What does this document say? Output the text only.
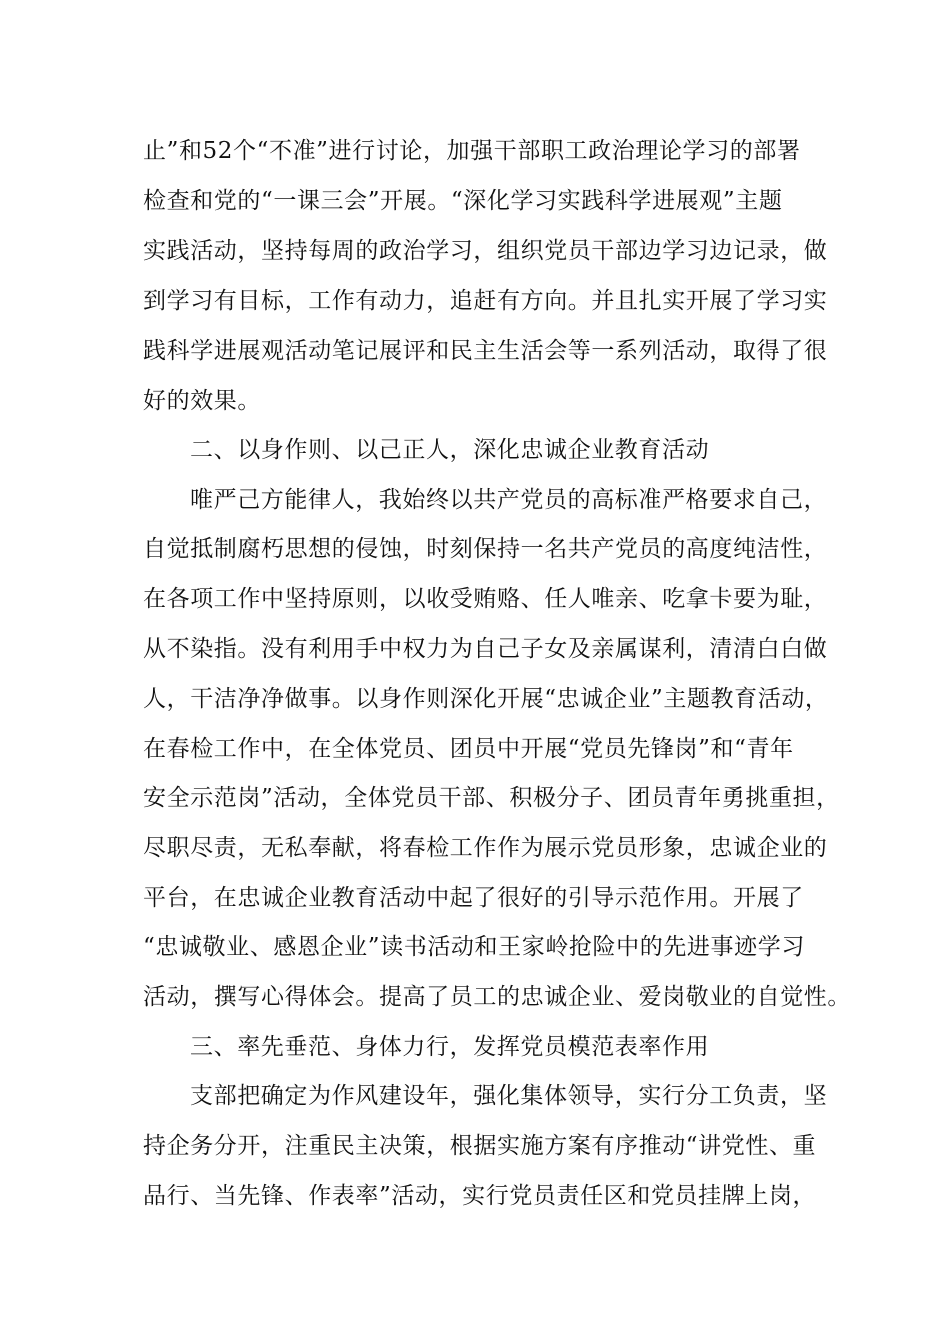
止”和52个“不准”进行讨论，加强干部职工政治理论学习的部署
检查和党的“一课三会”开展。“深化学习实践科学进展观”主题
实践活动，坚持每周的政治学习，组织党员干部边学习边记录，做
到学习有目标，工作有动力，追赶有方向。并且扎实开展了学习实
践科学进展观活动笔记展评和民主生活会等一系列活动，取得了很
好的效果。
二、以身作则、以己正人，深化忠诚企业教育活动
唯严己方能律人，我始终以共产党员的高标准严格要求自己，
自觉抵制腐朽思想的侵蚀，时刻保持一名共产党员的高度纯洁性，
在各项工作中坚持原则，以收受贿赂、任人唯亲、吃拿卡要为耻，
从不染指。没有利用手中权力为自己子女及亲属谋利，清清白白做
人，干洁净净做事。以身作则深化开展“忠诚企业”主题教育活动，
在春检工作中，在全体党员、团员中开展“党员先锋岗”和“青年
安全示范岗”活动，全体党员干部、积极分子、团员青年勇挑重担，
尽职尽责，无私奉献，将春检工作作为展示党员形象，忠诚企业的
平台，在忠诚企业教育活动中起了很好的引导示范作用。开展了
“忠诚敬业、感恩企业”读书活动和王家岭抢险中的先进事迹学习
活动，撰写心得体会。提高了员工的忠诚企业、爱岗敬业的自觉性。
三、率先垂范、身体力行，发挥党员模范表率作用
支部把确定为作风建设年，强化集体领导，实行分工负责，坚
持企务分开，注重民主决策，根据实施方案有序推动“讲党性、重
品行、当先锋、作表率”活动，实行党员责任区和党员挂牌上岗，
